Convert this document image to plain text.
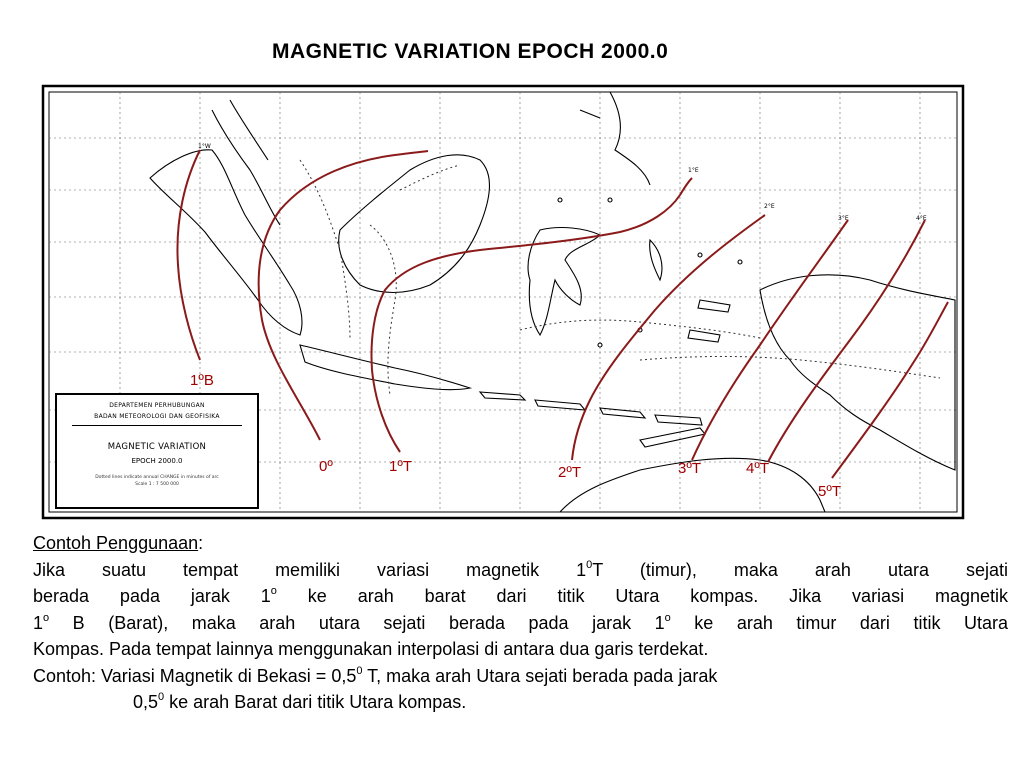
MAGNETIC VARIATION EPOCH 2000.0
1°W
1°E
2°E
3°E	4°E
1ºB
0º	1ºT	2ºT	3ºT	4ºT
5ºT
DEPARTEMEN PERHUBUNGAN
BADAN METEOROLOGI DAN GEOFISIKA
MAGNETIC VARIATION
EPOCH 2000.0
Dotted lines indicate annual CHANGE in minutes of arc
Scale 1 : 7 500 000

Contoh Penggunaan:

Jika suatu tempat memiliki variasi magnetik $1^0T$ (timur), maka arah utara sejati

berada pada jarak 1$^o$ ke arah barat dari titik Utara kompas. Jika variasi magnetik

1$^o$ B (Barat), maka arah utara sejati berada pada jarak 1$^o$ ke arah timur dari titik Utara

Kompas. Pada tempat lainnya menggunakan interpolasi di antara dua garis terdekat.

Contoh: Variasi Magnetik di Bekasi = $0,5^0$ T, maka arah Utara sejati berada pada jarak

$0,5^0$ ke arah Barat dari titik Utara kompas.
